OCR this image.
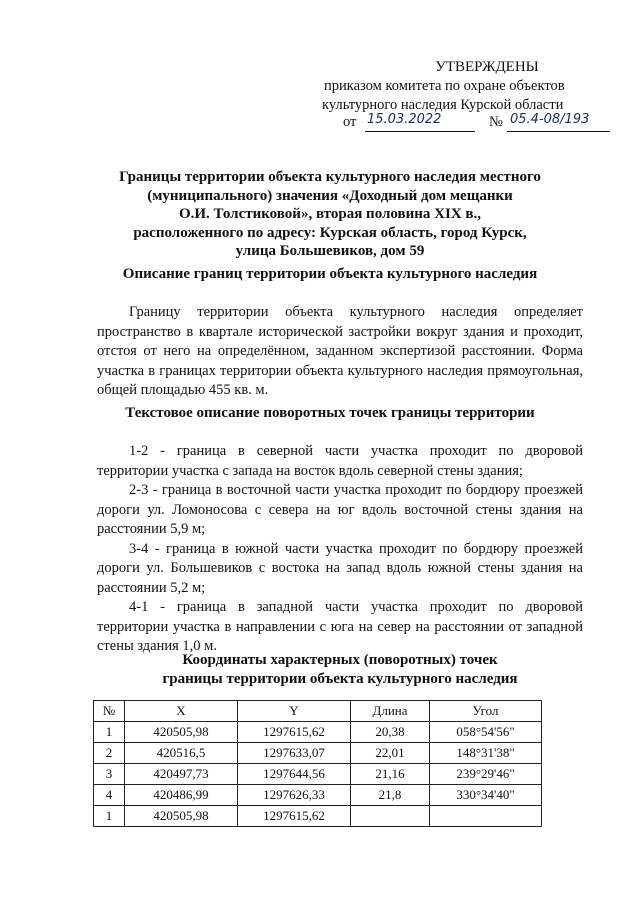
УТВЕРЖДЕНЫ
приказом комитета по охране объектов
культурного наследия Курской области
от 15.03.2022	№ 05.4-08/193
Границы территории объекта культурного наследия местного
(муниципального) значения «Доходный дом мещанки
О.И. Толстиковой», вторая половина XIX в.,
расположенного по адресу: Курская область, город Курск,
улица Большевиков, дом 59
Описание границ территории объекта культурного наследия
Границу территории объекта культурного наследия определяет пространство в квартале исторической застройки вокруг здания и проходит, отстоя от него на определённом, заданном экспертизой расстоянии. Форма участка в границах территории объекта культурного наследия прямоугольная, общей площадью 455 кв. м.
Текстовое описание поворотных точек границы территории

1-2 - граница в северной части участка проходит по дворовой территории участка с запада на восток вдоль северной стены здания;

2-3 - граница в восточной части участка проходит по бордюру проезжей дороги ул. Ломоносова с севера на юг вдоль восточной стены здания на расстоянии 5,9 м;

3-4 - граница в южной части участка проходит по бордюру проезжей дороги ул. Большевиков с востока на запад вдоль южной стены здания на расстоянии 5,2 м;

4-1 - граница в западной части участка проходит по дворовой территории участка в направлении с юга на север на расстоянии от западной стены здания 1,0 м.

Координаты характерных (поворотных) точек
границы территории объекта культурного наследия
№	X	Y	Длина	Угол
1	420505,98	1297615,62	20,38	058°54'56"
2	420516,5	1297633,07	22,01	148°31'38"
3	420497,73	1297644,56	21,16	239°29'46"
4	420486,99	1297626,33	21,8	330°34'40"
1	420505,98	1297615,62		
